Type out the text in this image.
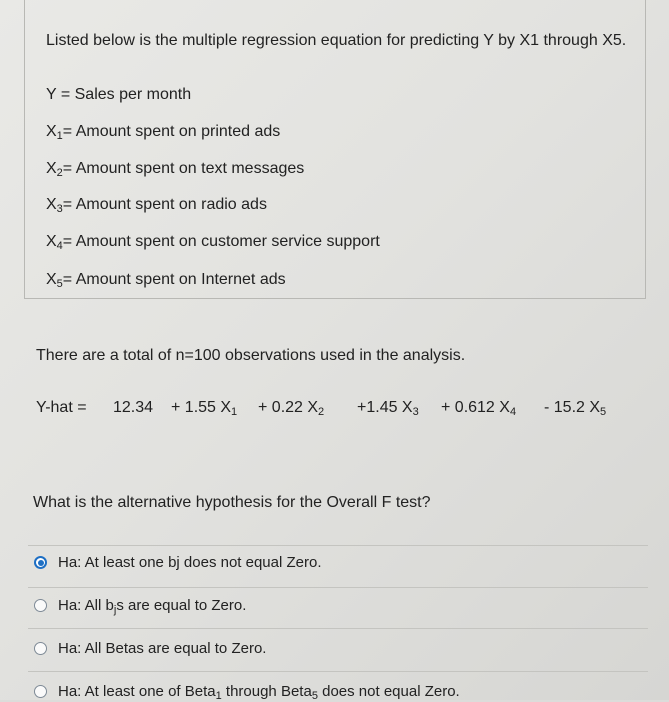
Listed below is the multiple regression equation for predicting Y by X1 through X5.
Y = Sales per month
$X_1=$ Amount spent on printed ads
$X_2=$ Amount spent on text messages
$X_3=$ Amount spent on radio ads
$X_4=$ Amount spent on customer service support
$X_5=$ Amount spent on Internet ads
There are a total of n=100 observations used in the analysis.
Y-hat = 12.34 + 1.55 $X_1 + 0.22$ $X_2 +1.45$ $X_3 + 0.612$ $X_4 - 15.2$ $X_5$
What is the alternative hypothesis for the Overall F test?
Ha: At least one bj does not equal Zero.
Ha: All $b_js$ are equal to Zero.
Ha: All Betas are equal to Zero.
Ha: At least one of Beta$_1$ through Beta$_5$ does not equal Zero.
